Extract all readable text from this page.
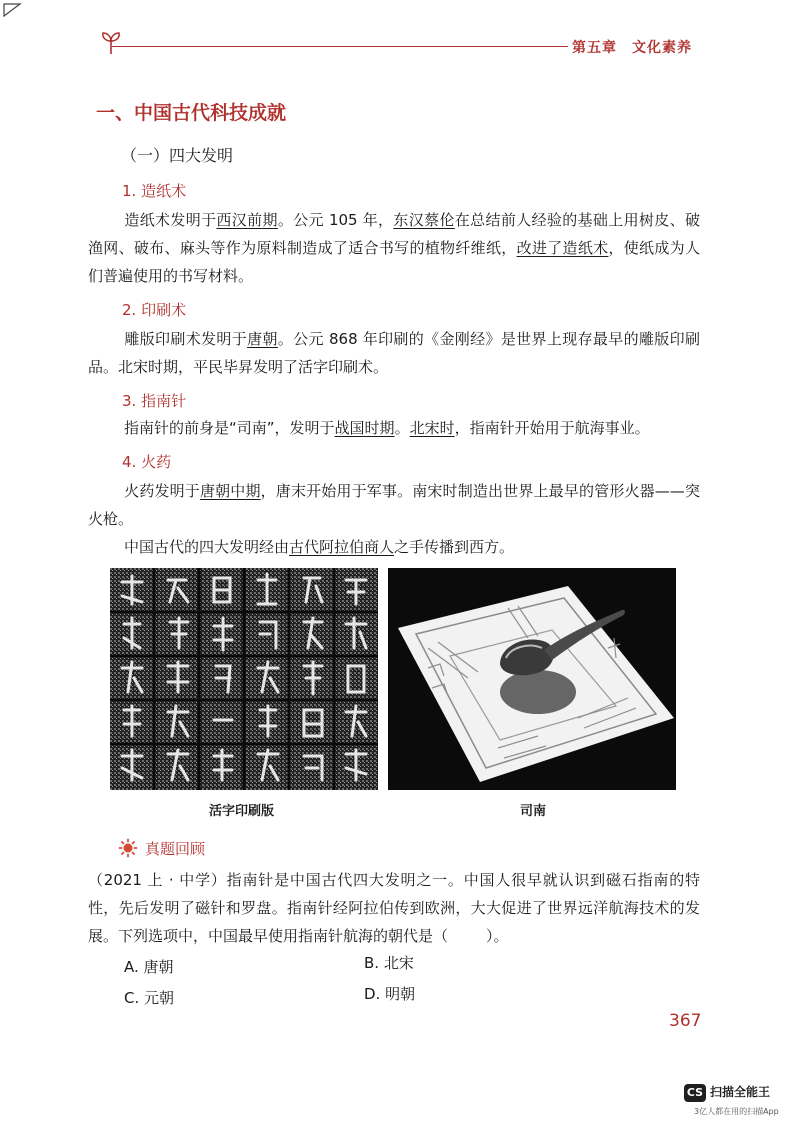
第五章　文化素养
一、中国古代科技成就
（一）四大发明
1. 造纸术

造纸术发明于西汉前期。公元 105 年，东汉蔡伦在总结前人经验的基础上用树皮、破渔网、破布、麻头等作为原料制造成了适合书写的植物纤维纸，改进了造纸术，使纸成为人们普遍使用的书写材料。

2. 印刷术

雕版印刷术发明于唐朝。公元 868 年印刷的《金刚经》是世界上现存最早的雕版印刷品。北宋时期，平民毕昇发明了活字印刷术。

3. 指南针

指南针的前身是“司南”，发明于战国时期。北宋时，指南针开始用于航海事业。

4. 火药

火药发明于唐朝中期，唐末开始用于军事。南宋时制造出世界上最早的管形火器——突火枪。

中国古代的四大发明经由古代阿拉伯商人之手传播到西方。

活字印刷版	司南
真题回顾

（2021 上 · 中学）指南针是中国古代四大发明之一。中国人很早就认识到磁石指南的特性，先后发明了磁针和罗盘。指南针经阿拉伯传到欧洲，大大促进了世界远洋航海技术的发展。下列选项中，中国最早使用指南针航海的朝代是（	）。

A. 唐朝	B. 北宋
C. 元朝	D. 明朝
367
CS 扫描全能王
3亿人都在用的扫描App
